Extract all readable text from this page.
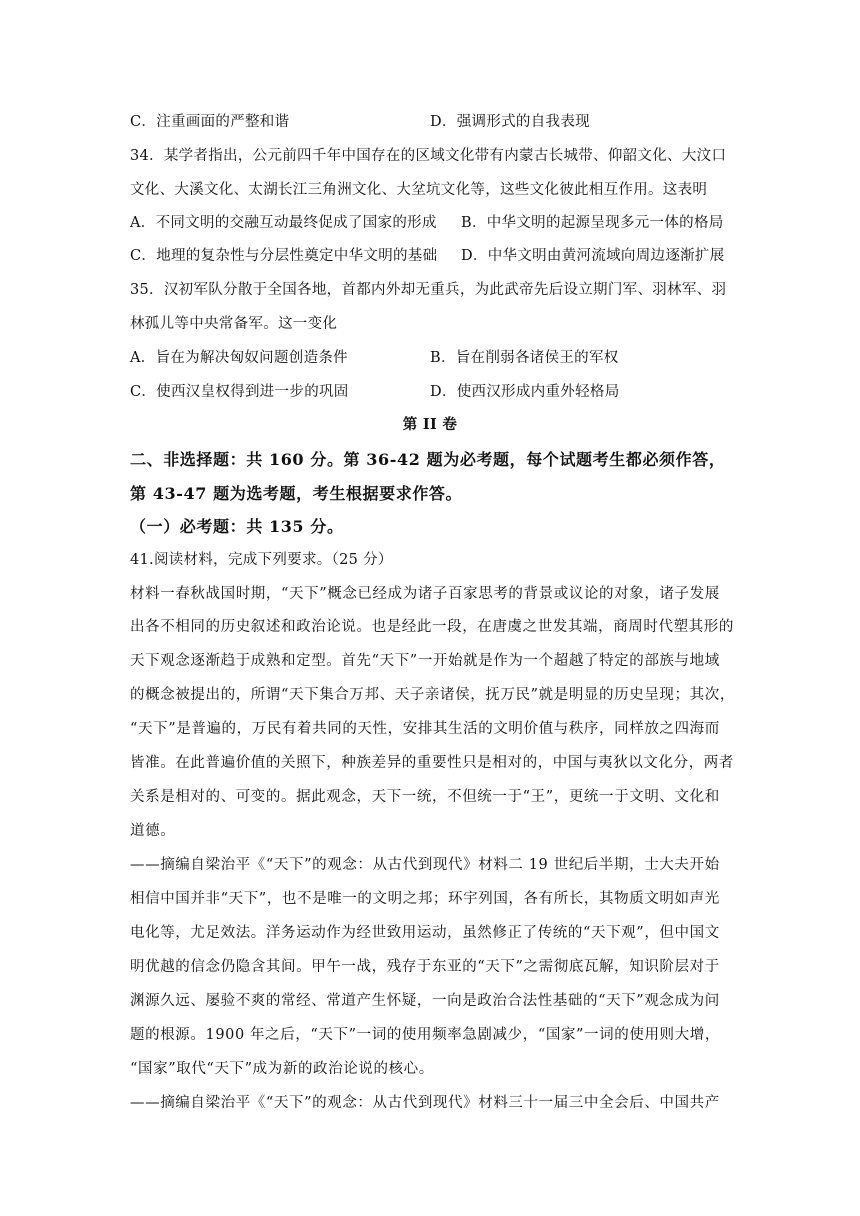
C．注重画面的严整和谐	D．强调形式的自我表现
34．某学者指出，公元前四千年中国存在的区域文化带有内蒙古长城带、仰韶文化、大汶口
文化、大溪文化、太湖长江三角洲文化、大坌坑文化等，这些文化彼此相互作用。这表明
A．不同文明的交融互动最终促成了国家的形成 B．中华文明的起源呈现多元一体的格局
C．地理的复杂性与分层性奠定中华文明的基础 D．中华文明由黄河流域向周边逐渐扩展
35．汉初军队分散于全国各地，首都内外却无重兵，为此武帝先后设立期门军、羽林军、羽
林孤儿等中央常备军。这一变化
A．旨在为解决匈奴问题创造条件	B．旨在削弱各诸侯王的军权
C．使西汉皇权得到进一步的巩固	D．使西汉形成内重外轻格局
第 II 卷
二、非选择题：共 160 分。第 36-42 题为必考题，每个试题考生都必须作答，
第 43-47 题为选考题，考生根据要求作答。
（一）必考题：共 135 分。
41.阅读材料，完成下列要求。（25 分）
材料一春秋战国时期，“天下”概念已经成为诸子百家思考的背景或议论的对象，诸子发展
出各不相同的历史叙述和政治论说。也是经此一段，在唐虞之世发其端，商周时代塑其形的
天下观念逐渐趋于成熟和定型。首先“天下”一开始就是作为一个超越了特定的部族与地域
的概念被提出的，所谓“天下集合万邦、天子亲诸侯，抚万民”就是明显的历史呈现；其次，
“天下”是普遍的，万民有着共同的天性，安排其生活的文明价值与秩序，同样放之四海而
皆准。在此普遍价值的关照下，种族差异的重要性只是相对的，中国与夷狄以文化分，两者
关系是相对的、可变的。据此观念，天下一统，不但统一于“王”，更统一于文明、文化和
道德。
——摘编自梁治平《“天下”的观念：从古代到现代》材料二 19 世纪后半期，士大夫开始
相信中国并非“天下”，也不是唯一的文明之邦；环宇列国，各有所长，其物质文明如声光
电化等，尤足效法。洋务运动作为经世致用运动，虽然修正了传统的“天下观”，但中国文
明优越的信念仍隐含其间。甲午一战，残存于东亚的“天下”之需彻底瓦解，知识阶层对于
渊源久远、屡验不爽的常经、常道产生怀疑，一向是政治合法性基础的“天下”观念成为问
题的根源。1900 年之后，“天下”一词的使用频率急剧减少，“国家”一词的使用则大增，
“国家”取代“天下”成为新的政治论说的核心。
——摘编自梁治平《“天下”的观念：从古代到现代》材料三十一届三中全会后、中国共产
